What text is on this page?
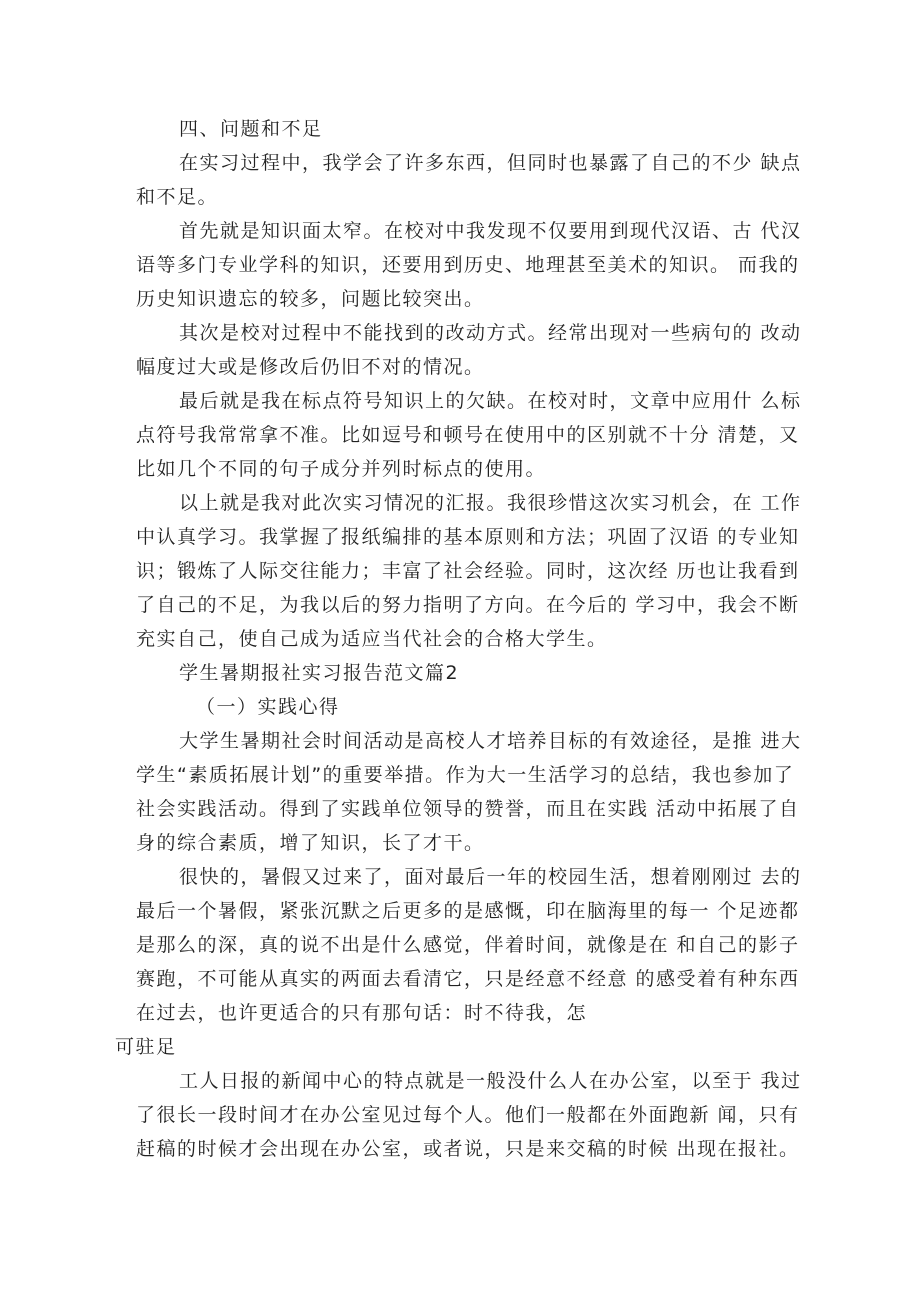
四、问题和不足
在实习过程中，我学会了许多东西，但同时也暴露了自己的不少 缺点
和不足。
首先就是知识面太窄。在校对中我发现不仅要用到现代汉语、古 代汉
语等多门专业学科的知识，还要用到历史、地理甚至美术的知识。 而我的
历史知识遗忘的较多，问题比较突出。
其次是校对过程中不能找到的改动方式。经常出现对一些病句的 改动
幅度过大或是修改后仍旧不对的情况。
最后就是我在标点符号知识上的欠缺。在校对时，文章中应用什 么标
点符号我常常拿不准。比如逗号和顿号在使用中的区别就不十分 清楚，又
比如几个不同的句子成分并列时标点的使用。
以上就是我对此次实习情况的汇报。我很珍惜这次实习机会，在 工作
中认真学习。我掌握了报纸编排的基本原则和方法；巩固了汉语 的专业知
识；锻炼了人际交往能力；丰富了社会经验。同时，这次经 历也让我看到
了自己的不足，为我以后的努力指明了方向。在今后的 学习中，我会不断
充实自己，使自己成为适应当代社会的合格大学生。
学生暑期报社实习报告范文篇2
（一）实践心得
大学生暑期社会时间活动是高校人才培养目标的有效途径，是推 进大
学生“素质拓展计划”的重要举措。作为大一生活学习的总结，我也参加了
社会实践活动。得到了实践单位领导的赞誉，而且在实践 活动中拓展了自
身的综合素质，增了知识，长了才干。
很快的，暑假又过来了，面对最后一年的校园生活，想着刚刚过 去的
最后一个暑假，紧张沉默之后更多的是感慨，印在脑海里的每一 个足迹都
是那么的深，真的说不出是什么感觉，伴着时间，就像是在 和自己的影子
赛跑，不可能从真实的两面去看清它，只是经意不经意 的感受着有种东西
在过去，也许更适合的只有那句话：时不待我，怎
可驻足
工人日报的新闻中心的特点就是一般没什么人在办公室，以至于 我过
了很长一段时间才在办公室见过每个人。他们一般都在外面跑新 闻，只有
赶稿的时候才会出现在办公室，或者说，只是来交稿的时候 出现在报社。
